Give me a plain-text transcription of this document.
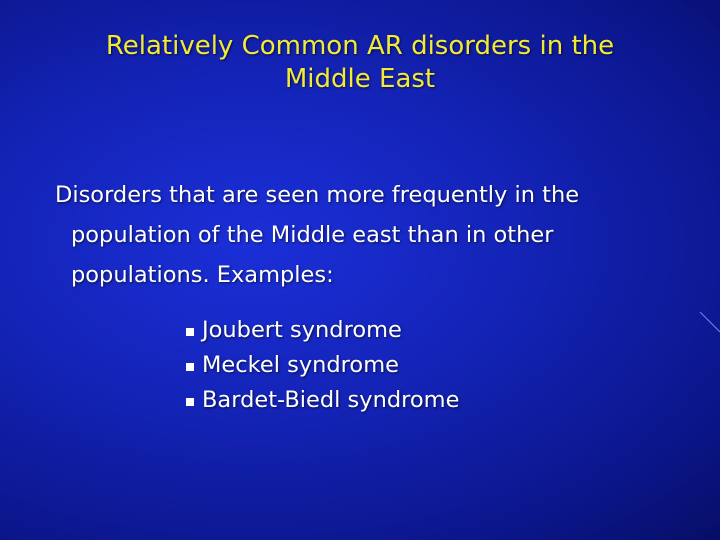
Relatively Common AR disorders in the
Middle East
Disorders that are seen more frequently in the
population of the Middle east than in other
populations. Examples:
Joubert syndrome
Meckel syndrome
Bardet-Biedl syndrome
